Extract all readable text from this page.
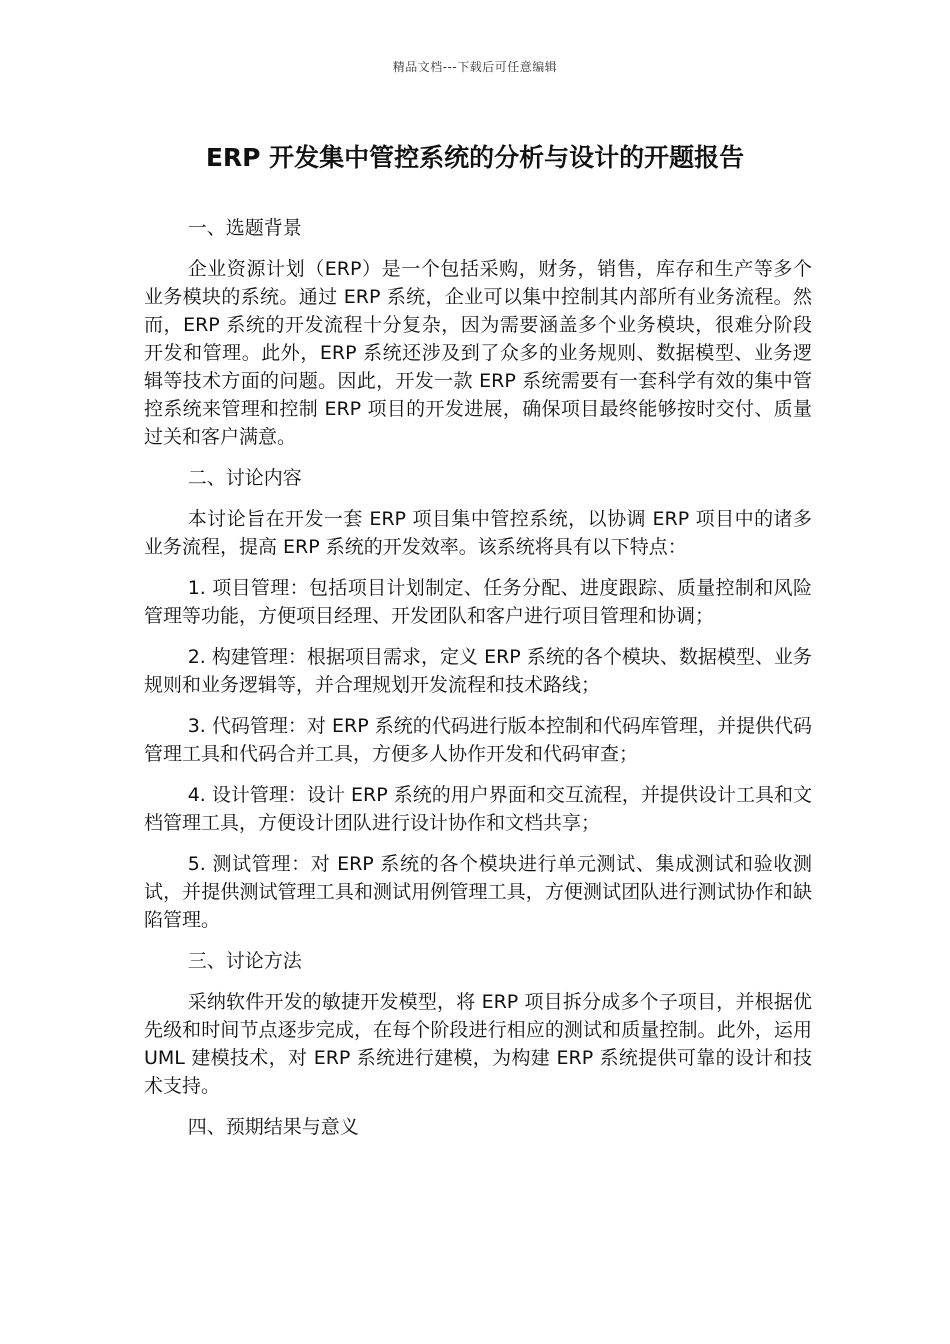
精品文档---下载后可任意编辑
ERP 开发集中管控系统的分析与设计的开题报告

一、选题背景

企业资源计划（ERP）是一个包括采购，财务，销售，库存和生产等多个业务模块的系统。通过 ERP 系统，企业可以集中控制其内部所有业务流程。然而，ERP 系统的开发流程十分复杂，因为需要涵盖多个业务模块，很难分阶段开发和管理。此外，ERP 系统还涉及到了众多的业务规则、数据模型、业务逻辑等技术方面的问题。因此，开发一款 ERP 系统需要有一套科学有效的集中管控系统来管理和控制 ERP 项目的开发进展，确保项目最终能够按时交付、质量过关和客户满意。

二、讨论内容

本讨论旨在开发一套 ERP 项目集中管控系统，以协调 ERP 项目中的诸多业务流程，提高 ERP 系统的开发效率。该系统将具有以下特点：

1. 项目管理：包括项目计划制定、任务分配、进度跟踪、质量控制和风险管理等功能，方便项目经理、开发团队和客户进行项目管理和协调；

2. 构建管理：根据项目需求，定义 ERP 系统的各个模块、数据模型、业务规则和业务逻辑等，并合理规划开发流程和技术路线；

3. 代码管理：对 ERP 系统的代码进行版本控制和代码库管理，并提供代码管理工具和代码合并工具，方便多人协作开发和代码审查；

4. 设计管理：设计 ERP 系统的用户界面和交互流程，并提供设计工具和文档管理工具，方便设计团队进行设计协作和文档共享；

5. 测试管理：对 ERP 系统的各个模块进行单元测试、集成测试和验收测试，并提供测试管理工具和测试用例管理工具，方便测试团队进行测试协作和缺陷管理。

三、讨论方法

采纳软件开发的敏捷开发模型，将 ERP 项目拆分成多个子项目，并根据优先级和时间节点逐步完成，在每个阶段进行相应的测试和质量控制。此外，运用 UML 建模技术，对 ERP 系统进行建模，为构建 ERP 系统提供可靠的设计和技术支持。

四、预期结果与意义
